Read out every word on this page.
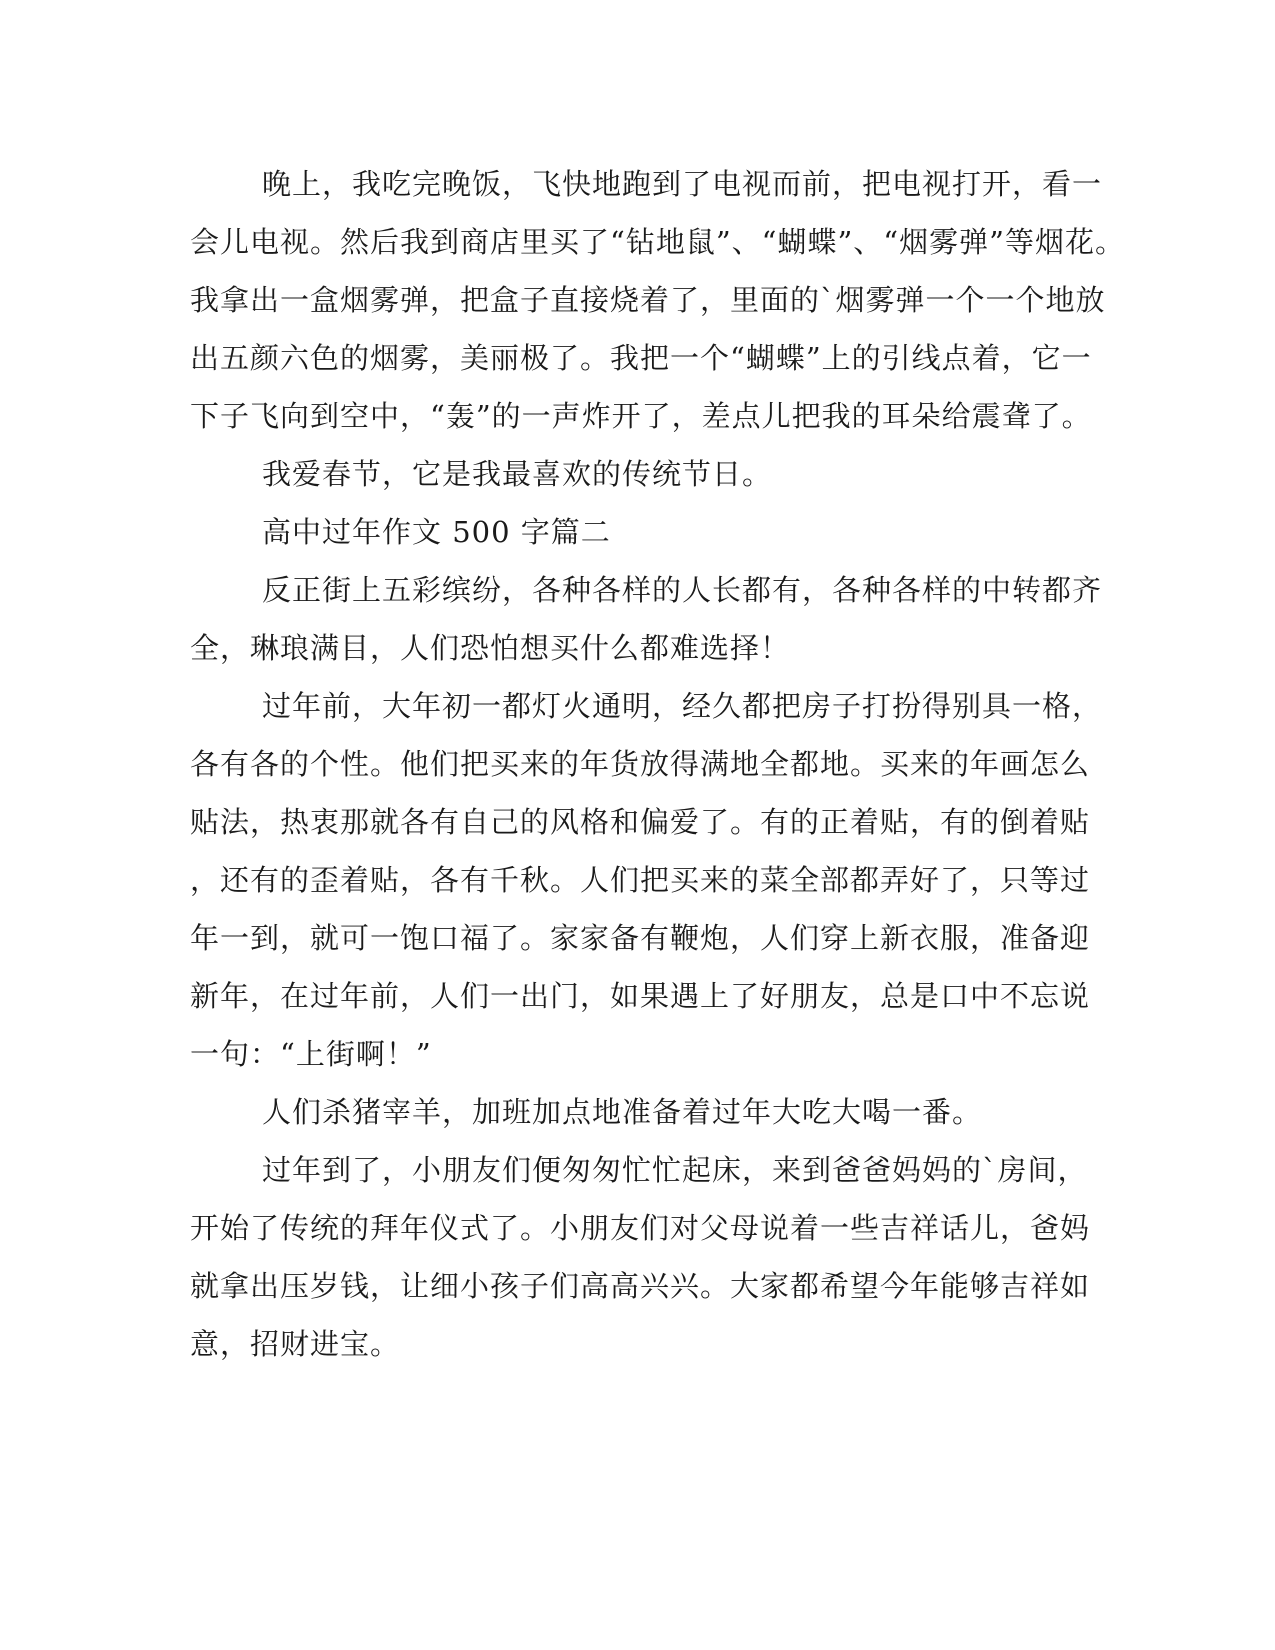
晚上，我吃完晚饭，飞快地跑到了电视而前，把电视打开，看一
会儿电视。然后我到商店里买了“钻地鼠”、“蝴蝶”、“烟雾弹”等烟花。
我拿出一盒烟雾弹，把盒子直接烧着了，里面的`烟雾弹一个一个地放
出五颜六色的烟雾，美丽极了。我把一个“蝴蝶”上的引线点着，它一
下子飞向到空中，“轰”的一声炸开了，差点儿把我的耳朵给震聋了。
我爱春节，它是我最喜欢的传统节日。
高中过年作文 500 字篇二
反正街上五彩缤纷，各种各样的人长都有，各种各样的中转都齐
全，琳琅满目，人们恐怕想买什么都难选择！
过年前，大年初一都灯火通明，经久都把房子打扮得别具一格，
各有各的个性。他们把买来的年货放得满地全都地。买来的年画怎么
贴法，热衷那就各有自己的风格和偏爱了。有的正着贴，有的倒着贴
，还有的歪着贴，各有千秋。人们把买来的菜全部都弄好了，只等过
年一到，就可一饱口福了。家家备有鞭炮，人们穿上新衣服，准备迎
新年，在过年前，人们一出门，如果遇上了好朋友，总是口中不忘说
一句：“上街啊！”
人们杀猪宰羊，加班加点地准备着过年大吃大喝一番。
过年到了，小朋友们便匆匆忙忙起床，来到爸爸妈妈的`房间，
开始了传统的拜年仪式了。小朋友们对父母说着一些吉祥话儿，爸妈
就拿出压岁钱，让细小孩子们高高兴兴。大家都希望今年能够吉祥如
意，招财进宝。
